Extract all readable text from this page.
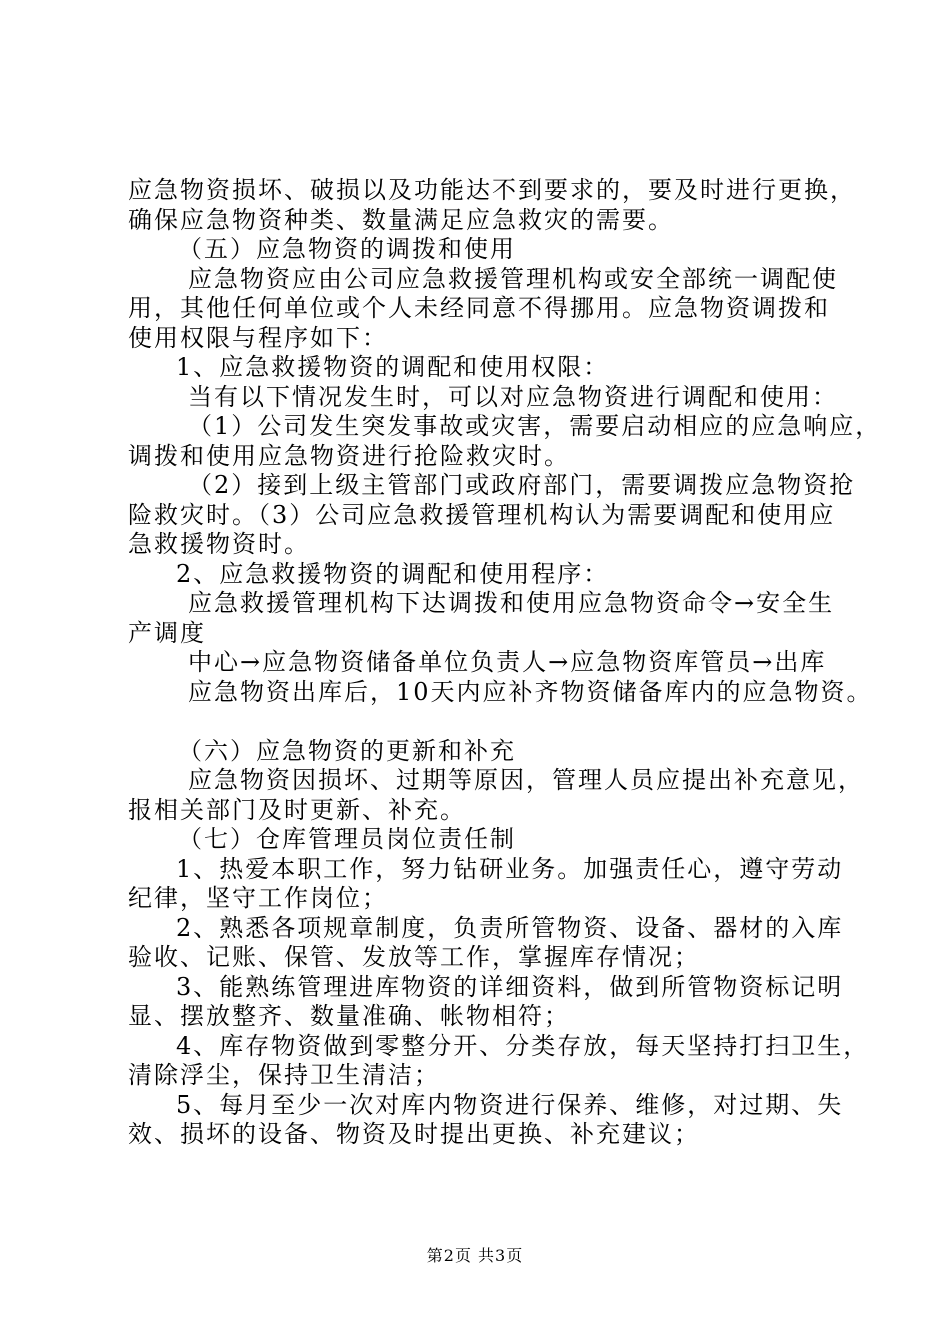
应急物资损坏、破损以及功能达不到要求的，要及时进行更换，
确保应急物资种类、数量满足应急救灾的需要。
（五）应急物资的调拨和使用
应急物资应由公司应急救援管理机构或安全部统一调配使
用，其他任何单位或个人未经同意不得挪用。应急物资调拨和
使用权限与程序如下：
1、应急救援物资的调配和使用权限：
当有以下情况发生时，可以对应急物资进行调配和使用：
（1）公司发生突发事故或灾害，需要启动相应的应急响应，
调拨和使用应急物资进行抢险救灾时。
（2）接到上级主管部门或政府部门，需要调拨应急物资抢
险救灾时。（3）公司应急救援管理机构认为需要调配和使用应
急救援物资时。
2、应急救援物资的调配和使用程序：
应急救援管理机构下达调拨和使用应急物资命令→安全生
产调度
中心→应急物资储备单位负责人→应急物资库管员→出库
应急物资出库后，10天内应补齐物资储备库内的应急物资。
（六）应急物资的更新和补充
应急物资因损坏、过期等原因，管理人员应提出补充意见，
报相关部门及时更新、补充。
（七）仓库管理员岗位责任制
1、热爱本职工作，努力钻研业务。加强责任心，遵守劳动
纪律，坚守工作岗位；
2、熟悉各项规章制度，负责所管物资、设备、器材的入库
验收、记账、保管、发放等工作，掌握库存情况；
3、能熟练管理进库物资的详细资料，做到所管物资标记明
显、摆放整齐、数量准确、帐物相符；
4、库存物资做到零整分开、分类存放，每天坚持打扫卫生，
清除浮尘，保持卫生清洁；
5、每月至少一次对库内物资进行保养、维修，对过期、失
效、损坏的设备、物资及时提出更换、补充建议；
第2页 共3页
